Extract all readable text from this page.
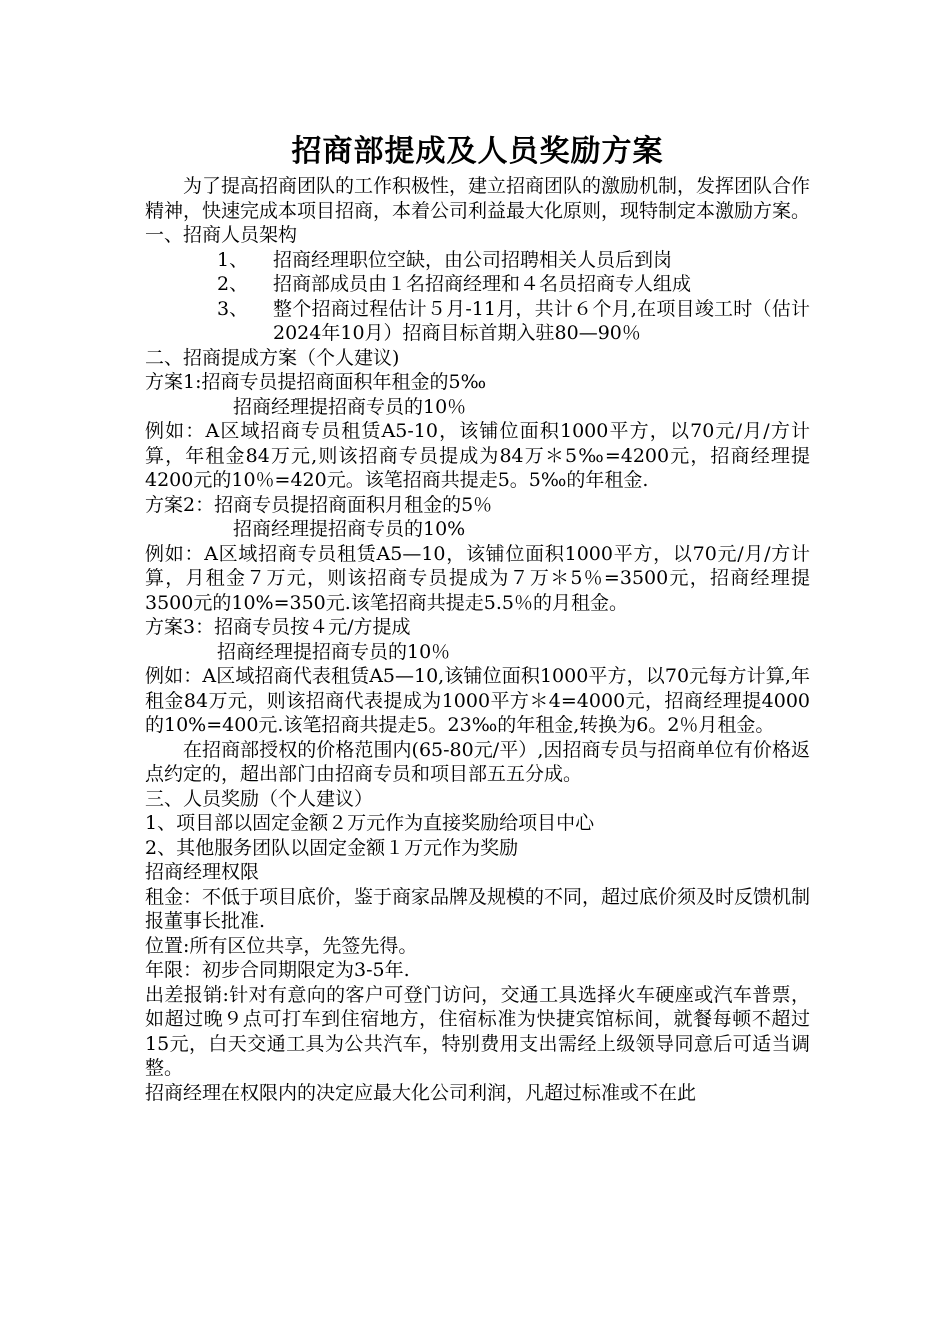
招商部提成及人员奖励方案

为了提高招商团队的工作积极性，建立招商团队的激励机制，发挥团队合作精神，快速完成本项目招商，本着公司利益最大化原则，现特制定本激励方案。

一、招商人员架构

1、	招商经理职位空缺，由公司招聘相关人员后到岗
2、	招商部成员由１名招商经理和４名员招商专人组成
3、	整个招商过程估计５月-11月，共计６个月,在项目竣工时（估计2024年10月）招商目标首期入驻80—90％

二、招商提成方案（个人建议)

方案1:招商专员提招商面积年租金的5‰

招商经理提招商专员的10％

例如：A区域招商专员租赁A5-10，该铺位面积1000平方，以70元/月/方计算，年租金84万元,则该招商专员提成为84万＊5‰=4200元，招商经理提4200元的10％=420元。该笔招商共提走5。5‰的年租金.

方案2：招商专员提招商面积月租金的5％

招商经理提招商专员的10%

例如：A区域招商专员租赁A5—10，该铺位面积1000平方，以70元/月/方计算，月租金７万元，则该招商专员提成为７万＊5％=3500元，招商经理提3500元的10%=350元.该笔招商共提走5.5％的月租金。

方案3：招商专员按４元/方提成

招商经理提招商专员的10％

例如：A区域招商代表租赁A5—10,该铺位面积1000平方，以70元每方计算,年租金84万元，则该招商代表提成为1000平方＊4=4000元，招商经理提4000的10%=400元.该笔招商共提走5。23‰的年租金,转换为6。2％月租金。

在招商部授权的价格范围内(65-80元/平）,因招商专员与招商单位有价格返点约定的，超出部门由招商专员和项目部五五分成。

三、人员奖励（个人建议）

1、项目部以固定金额２万元作为直接奖励给项目中心

2、其他服务团队以固定金额１万元作为奖励

招商经理权限

租金：不低于项目底价，鉴于商家品牌及规模的不同，超过底价须及时反馈机制报董事长批准.

位置:所有区位共享，先签先得。

年限：初步合同期限定为3-5年.

出差报销:针对有意向的客户可登门访问，交通工具选择火车硬座或汽车普票，如超过晚９点可打车到住宿地方，住宿标准为快捷宾馆标间，就餐每顿不超过15元，白天交通工具为公共汽车，特别费用支出需经上级领导同意后可适当调整。

招商经理在权限内的决定应最大化公司利润，凡超过标准或不在此
